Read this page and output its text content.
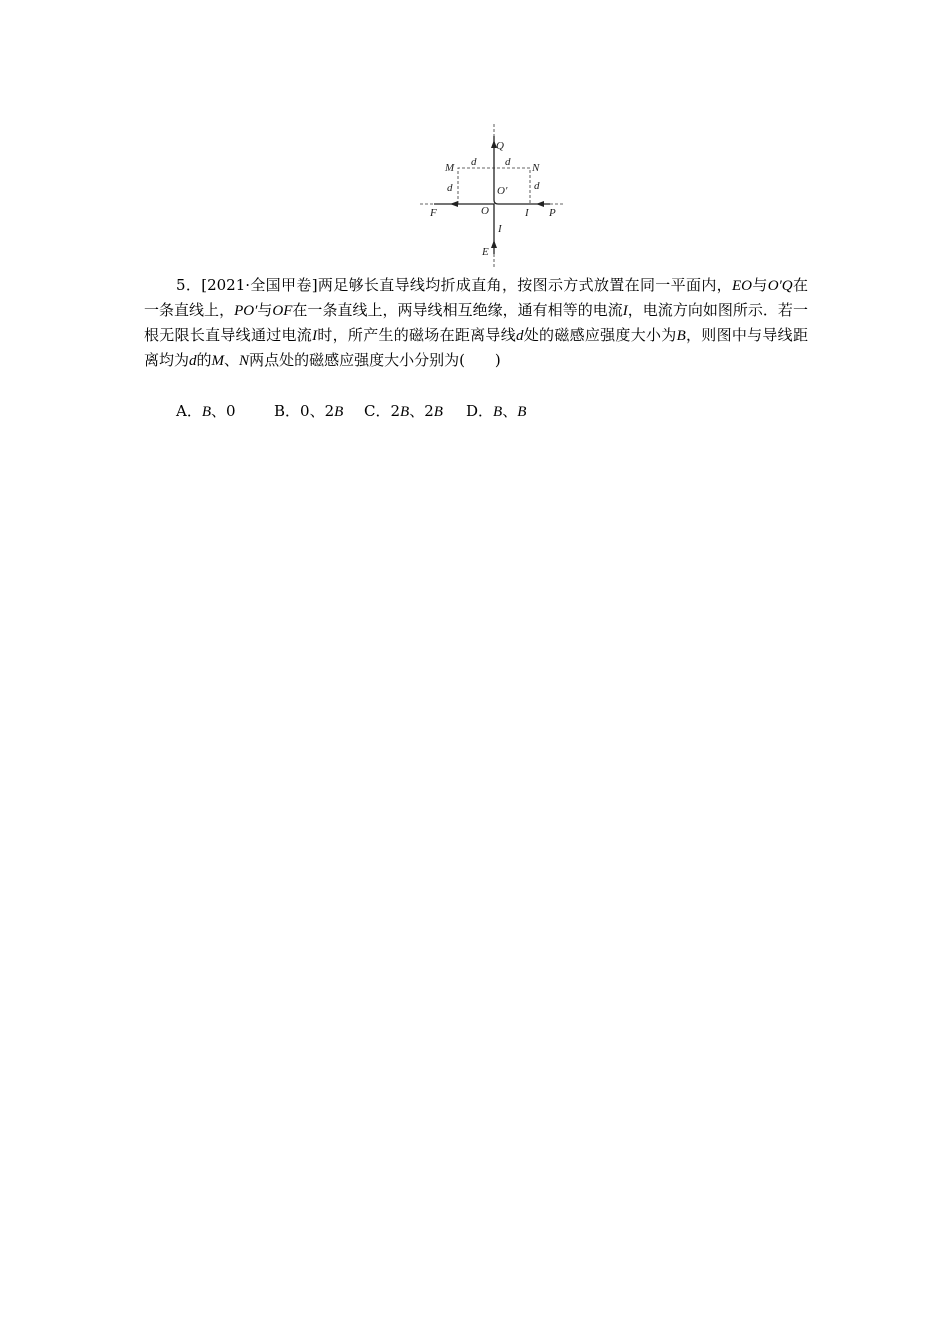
Q
M	N
d	d
d	d
O′
F	O	I P
I
E

5．[2021·全国甲卷]两足够长直导线均折成直角，按图示方式放置在同一平面内，EO与O′Q在一条直线上，PO′与OF在一条直线上，两导线相互绝缘，通有相等的电流I，电流方向如图所示．若一根无限长直导线通过电流I时，所产生的磁场在距离导线d处的磁感应强度大小为B，则图中与导线距离均为d的M、N两点处的磁感应强度大小分别为(　　)

A．B、0	B．0、2B C．2B、2B D．B、B
